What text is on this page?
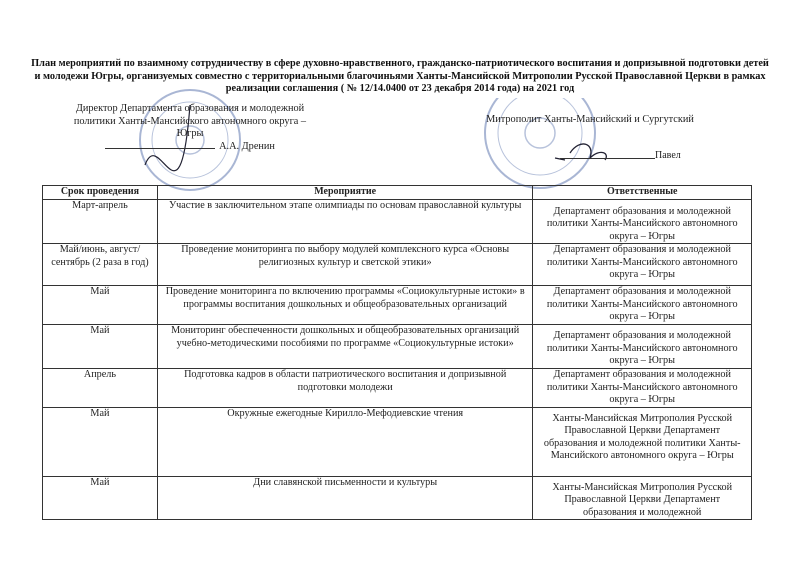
План мероприятий по взаимному сотрудничеству в сфере духовно-нравственного, гражданско-патриотического воспитания и допризывной подготовки детей и молодежи Югры, организуемых совместно с территориальными благочиньями Ханты-Мансийской Митрополии Русской Православной Церкви в рамках реализации соглашения ( № 12/14.0400 от 23 декабря 2014 года) на 2021 год
Директор Департамента образования и молодежной политики Ханты-Мансийского автономного округа – Югры
А.А. Дренин
Митрополит Ханты-Мансийский и Сургутский
Павел
Срок проведения	Мероприятие	Ответственные
Март-апрель	Участие в заключительном этапе олимпиады по основам православной культуры	Департамент образования и молодежной политики Ханты-Мансийского автономного округа – Югры
Май/июнь, август/сентябрь (2 раза в год)	Проведение мониторинга по выбору модулей комплексного курса «Основы религиозных культур и светской этики»	Департамент образования и молодежной политики Ханты-Мансийского автономного округа – Югры
Май	Проведение мониторинга по включению программы «Социокультурные истоки» в программы воспитания дошкольных и общеобразовательных организаций	Департамент образования и молодежной политики Ханты-Мансийского автономного округа – Югры
Май	Мониторинг обеспеченности дошкольных и общеобразовательных организаций учебно-методическими пособиями по программе «Социокультурные истоки»	Департамент образования и молодежной политики Ханты-Мансийского автономного округа – Югры
Апрель	Подготовка кадров в области патриотического воспитания и допризывной подготовки молодежи	Департамент образования и молодежной политики Ханты-Мансийского автономного округа – Югры
Май	Окружные ежегодные Кирилло-Мефодиевские чтения	Ханты-Мансийская Митрополия Русской Православной Церкви Департамент образования и молодежной политики Ханты-Мансийского автономного округа – Югры
Май	Дни славянской письменности и культуры	Ханты-Мансийская Митрополия Русской Православной Церкви Департамент образования и молодежной
